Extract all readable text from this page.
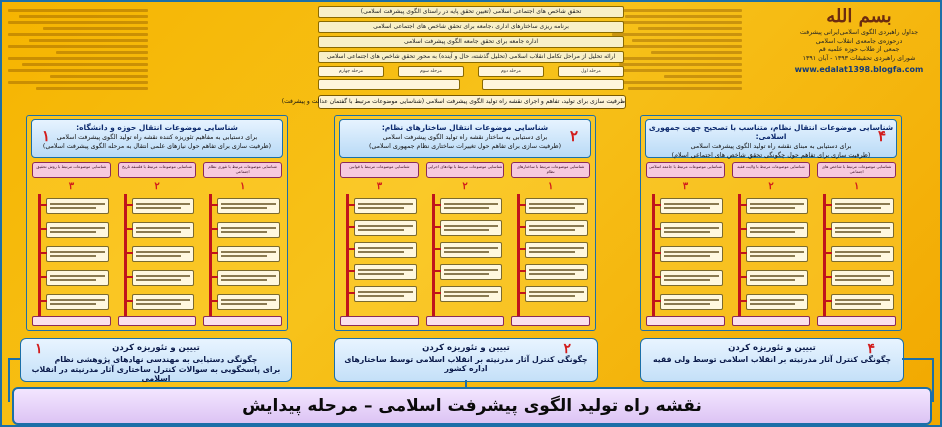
بسم الله
جداول راهبردی الگوی اسلامی‌ایرانی پیشرفت
درحوزه‌ی جامعه‌ی انقلاب اسلامی
جمعی از طلاب حوزه علمیه قم
شورای راهبردی تحقیقات ۱۳۹۳ - آبان ۱۳۹۱
www.edalat1398.blogfa.com
تحقق شاخص های اجتماعی اسلامی (تعیین تحقق پایه در راستای الگوی پیشرفت اسلامی)
برنامه ریزی ساختارهای اداری ،جامعه برای تحقق شاخص های اجتماعی اسلامی
اداره جامعه برای تحقق جامعه الگوی پیشرفت اسلامی
ارائه تحلیل از مراحل تکامل انقلاب اسلامی (تحلیل گذشته، حال و آینده) به محور تحقق شاخص های اجتماعی اسلامی
مرحله اول
مرحله دوم
مرحله سوم
مرحله چهارم
ظرفیت سازی برای تولید، تفاهم و اجرای نقشه راه تولید الگوی پیشرفت اسلامی (شناسایی موضوعات مرتبط با گفتمان عدالت و پیشرفت)
۴
شناسایی موضوعات انتقال نظام، متناسب با تصحیح جهت جمهوری اسلامی:
برای دستیابی به مبنای نقشه راه تولید الگوی پیشرفت اسلامی
(ظرفیت سازی برای تفاهم حول چگونگی تحقق شاخص های اجتماعی اسلام)
شناسایی موضوعات مرتبط با شاخص های اجتماعی
۱
شناسایی موضوعات مرتبط با ولایت فقیه
۲
شناسایی موضوعات مرتبط با جامعه اسلامی
۳
۲
شناسایی موضوعات انتقال ساختارهای نظام:
برای دستیابی به ساختار نقشه راه تولید الگوی پیشرفت اسلامی
(ظرفیت سازی برای تفاهم حول تغییرات ساختاری نظام جمهوری اسلامی)
شناسایی موضوعات مرتبط با ساختارهای نظام
۱
شناسایی موضوعات مرتبط با نهادهای اجرایی
۲
شناسایی موضوعات مرتبط با قوانین
۳
۱	شناسایی موضوعات انتقال حوزه و دانشگاه:
برای دستیابی به مفاهیم تئوریزه کننده نقشه راه تولید الگوی پیشرفت اسلامی
(ظرفیت سازی برای تفاهم حول نیازهای علمی انتقال به مرحله الگوی پیشرفت اسلامی)
شناسایی موضوعات مرتبط با تئوری نظام اجتماعی
۱
شناسایی موضوعات مرتبط با فلسفه تاریخ
۲
شناسایی موضوعات مرتبط با روش تحقیق
۳
۴
تبیین و تئوریزه کردن
چگونگی کنترل آثار مدرنیته بر انقلاب اسلامی توسط ولی فقیه
۲
تبیین و تئوریزه کردن
چگونگی کنترل آثار مدرنیته بر انقلاب اسلامی توسط ساختارهای اداره کشور
۱	تبیین و تئوریزه کردن
چگونگی دستیابی به مهندسی نهادهای پژوهشی نظام
برای پاسخگویی به سوالات کنترل ساختاری آثار مدرنیته در انقلاب اسلامی
نقشه راه تولید الگوی پیشرفت اسلامی – مرحله پیدایش
